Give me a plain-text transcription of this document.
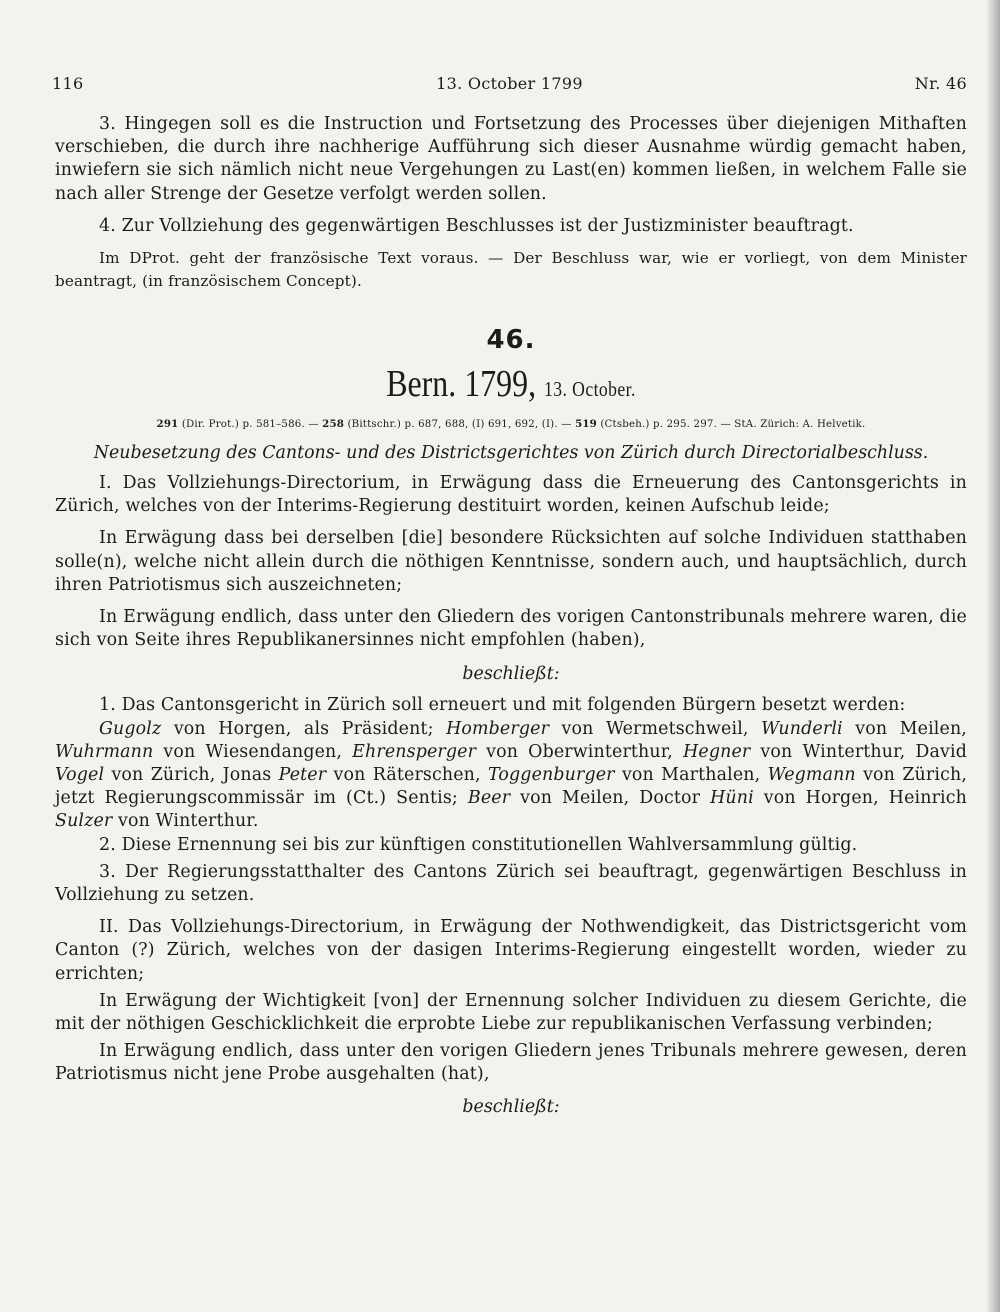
116	13. October 1799	Nr. 46

3. Hingegen soll es die Instruction und Fortsetzung des Processes über diejenigen Mithaften verschieben, die durch ihre nachherige Aufführung sich dieser Ausnahme würdig gemacht haben, inwiefern sie sich nämlich nicht neue Vergehungen zu Last(en) kommen ließen, in welchem Falle sie nach aller Strenge der Gesetze verfolgt werden sollen.

4. Zur Vollziehung des gegenwärtigen Beschlusses ist der Justizminister beauftragt.

Im DProt. geht der französische Text voraus. — Der Beschluss war, wie er vorliegt, von dem Minister beantragt, (in französischem Concept).

46.
Bern. 1799, 13. October.
291 (Dir. Prot.) p. 581–586. — 258 (Bittschr.) p. 687, 688, (I) 691, 692, (I). — 519 (Ctsbeh.) p. 295. 297. — StA. Zürich: A. Helvetik.
Neubesetzung des Cantons- und des Districtsgerichtes von Zürich durch Directorialbeschluss.

I. Das Vollziehungs-Directorium, in Erwägung dass die Erneuerung des Cantonsgerichts in Zürich, welches von der Interims-Regierung destituirt worden, keinen Aufschub leide;

In Erwägung dass bei derselben [die] besondere Rücksichten auf solche Individuen statthaben solle(n), welche nicht allein durch die nöthigen Kenntnisse, sondern auch, und hauptsächlich, durch ihren Patriotismus sich auszeichneten;

In Erwägung endlich, dass unter den Gliedern des vorigen Cantonstribunals mehrere waren, die sich von Seite ihres Republikanersinnes nicht empfohlen (haben),

beschließt:

1. Das Cantonsgericht in Zürich soll erneuert und mit folgenden Bürgern besetzt werden:

Gugolz von Horgen, als Präsident; Homberger von Wermetschweil, Wunderli von Meilen, Wuhrmann von Wiesendangen, Ehrensperger von Oberwinterthur, Hegner von Winterthur, David Vogel von Zürich, Jonas Peter von Räterschen, Toggenburger von Marthalen, Wegmann von Zürich, jetzt Regierungscommissär im (Ct.) Sentis; Beer von Meilen, Doctor Hüni von Horgen, Heinrich Sulzer von Winterthur.

2. Diese Ernennung sei bis zur künftigen constitutionellen Wahlversammlung gültig.

3. Der Regierungsstatthalter des Cantons Zürich sei beauftragt, gegenwärtigen Beschluss in Vollziehung zu setzen.

II. Das Vollziehungs-Directorium, in Erwägung der Nothwendigkeit, das Districtsgericht vom Canton (?) Zürich, welches von der dasigen Interims-Regierung eingestellt worden, wieder zu errichten;

In Erwägung der Wichtigkeit [von] der Ernennung solcher Individuen zu diesem Gerichte, die mit der nöthigen Geschicklichkeit die erprobte Liebe zur republikanischen Verfassung verbinden;

In Erwägung endlich, dass unter den vorigen Gliedern jenes Tribunals mehrere gewesen, deren Patriotismus nicht jene Probe ausgehalten (hat),

beschließt:
